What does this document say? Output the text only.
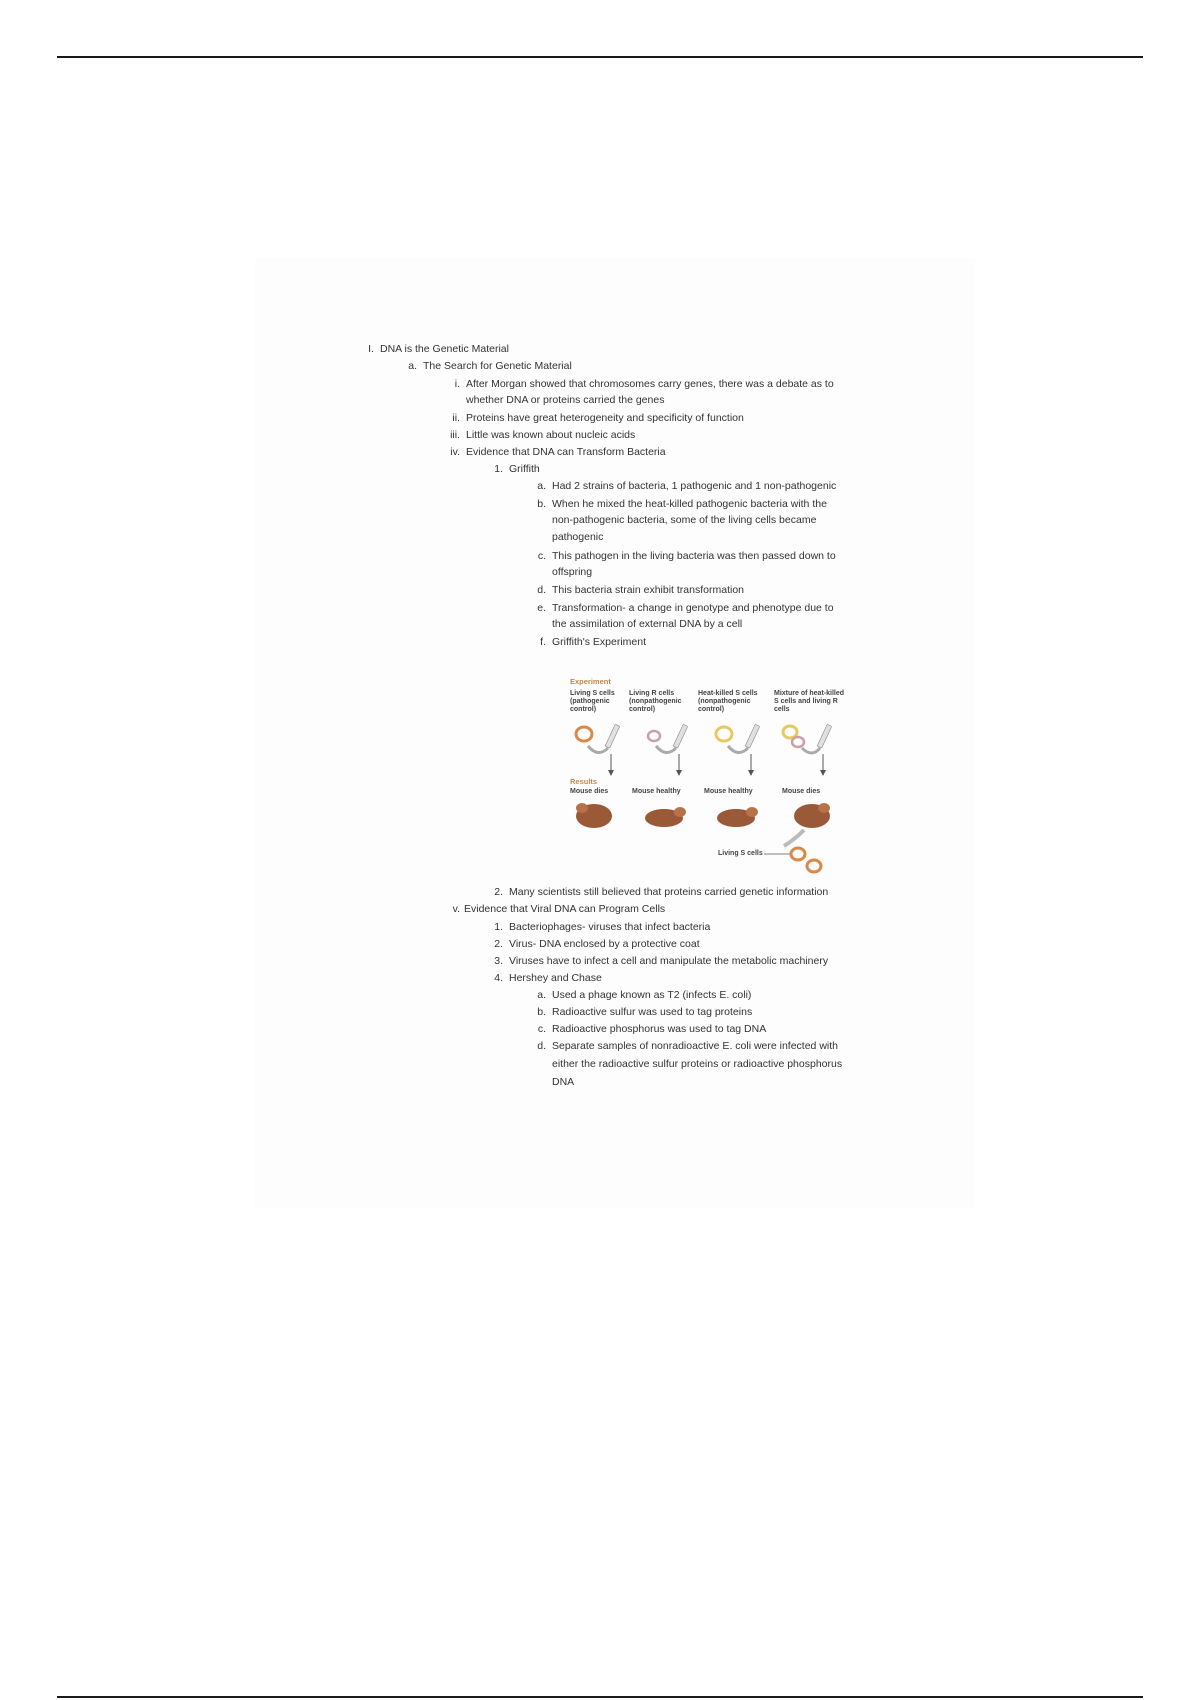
I. DNA is the Genetic Material
a. The Search for Genetic Material
i. After Morgan showed that chromosomes carry genes, there was a debate as to
whether DNA or proteins carried the genes
ii. Proteins have great heterogeneity and specificity of function
iii. Little was known about nucleic acids
iv. Evidence that DNA can Transform Bacteria
1. Griffith
a. Had 2 strains of bacteria, 1 pathogenic and 1 non-pathogenic
b. When he mixed the heat-killed pathogenic bacteria with the
non-pathogenic bacteria, some of the living cells became
pathogenic
c. This pathogen in the living bacteria was then passed down to
offspring
d. This bacteria strain exhibit transformation
e. Transformation- a change in genotype and phenotype due to
the assimilation of external DNA by a cell
f. Griffith's Experiment
2. Many scientists still believed that proteins carried genetic information
v. Evidence that Viral DNA can Program Cells
1. Bacteriophages- viruses that infect bacteria
2. Virus- DNA enclosed by a protective coat
3. Viruses have to infect a cell and manipulate the metabolic machinery
4. Hershey and Chase
a. Used a phage known as T2 (infects E. coli)
b. Radioactive sulfur was used to tag proteins
c. Radioactive phosphorus was used to tag DNA
d. Separate samples of nonradioactive E. coli were infected with
either the radioactive sulfur proteins or radioactive phosphorus
DNA
Experiment
Living S cells (pathogenic control)
Living R cells (nonpathogenic control)
Heat-killed S cells (nonpathogenic control)
Mixture of heat-killed S cells and living R cells
Results
Mouse dies	Mouse healthy	Mouse healthy	Mouse dies
Living S cells
